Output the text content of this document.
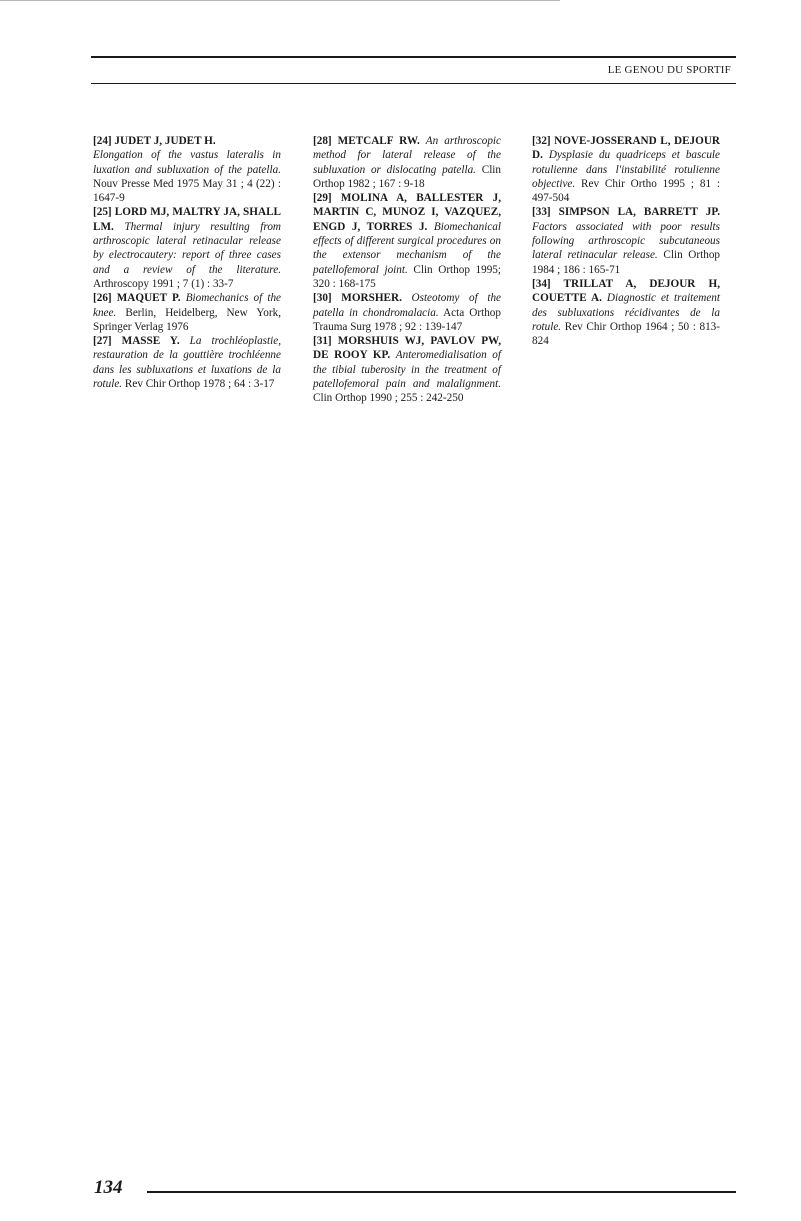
LE GENOU DU SPORTIF

[24] JUDET J, JUDET H.
Elongation of the vastus lateralis in luxation and subluxation of the patella. Nouv Presse Med 1975 May 31 ; 4 (22) : 1647-9

[25] LORD MJ, MALTRY JA, SHALL LM. Thermal injury resulting from arthroscopic lateral retinacular release by electrocautery: report of three cases and a review of the literature. Arthroscopy 1991 ; 7 (1) : 33-7

[26] MAQUET P. Biomechanics of the knee. Berlin, Heidelberg, New York, Springer Verlag 1976

[27] MASSE Y. La trochléoplastie, restauration de la gouttière trochléenne dans les subluxations et luxations de la rotule. Rev Chir Orthop 1978 ; 64 : 3-17

[28] METCALF RW. An arthroscopic method for lateral release of the subluxation or dislocating patella. Clin Orthop 1982 ; 167 : 9-18

[29] MOLINA A, BALLESTER J, MARTIN C, MUNOZ I, VAZQUEZ, ENGD J, TORRES J. Biomechanical effects of different surgical procedures on the extensor mechanism of the patellofemoral joint. Clin Orthop 1995; 320 : 168-175

[30] MORSHER. Osteotomy of the patella in chondromalacia. Acta Orthop Trauma Surg 1978 ; 92 : 139-147

[31] MORSHUIS WJ, PAVLOV PW, DE ROOY KP. Anteromedialisation of the tibial tuberosity in the treatment of patellofemoral pain and malalignment. Clin Orthop 1990 ; 255 : 242-250

[32] NOVE-JOSSERAND L, DEJOUR D. Dysplasie du quadriceps et bascule rotulienne dans l'instabilité rotulienne objective. Rev Chir Ortho 1995 ; 81 : 497-504

[33] SIMPSON LA, BARRETT JP. Factors associated with poor results following arthroscopic subcutaneous lateral retinacular release. Clin Orthop 1984 ; 186 : 165-71

[34] TRILLAT A, DEJOUR H, COUETTE A. Diagnostic et traitement des subluxations récidivantes de la rotule. Rev Chir Orthop 1964 ; 50 : 813-824

134
